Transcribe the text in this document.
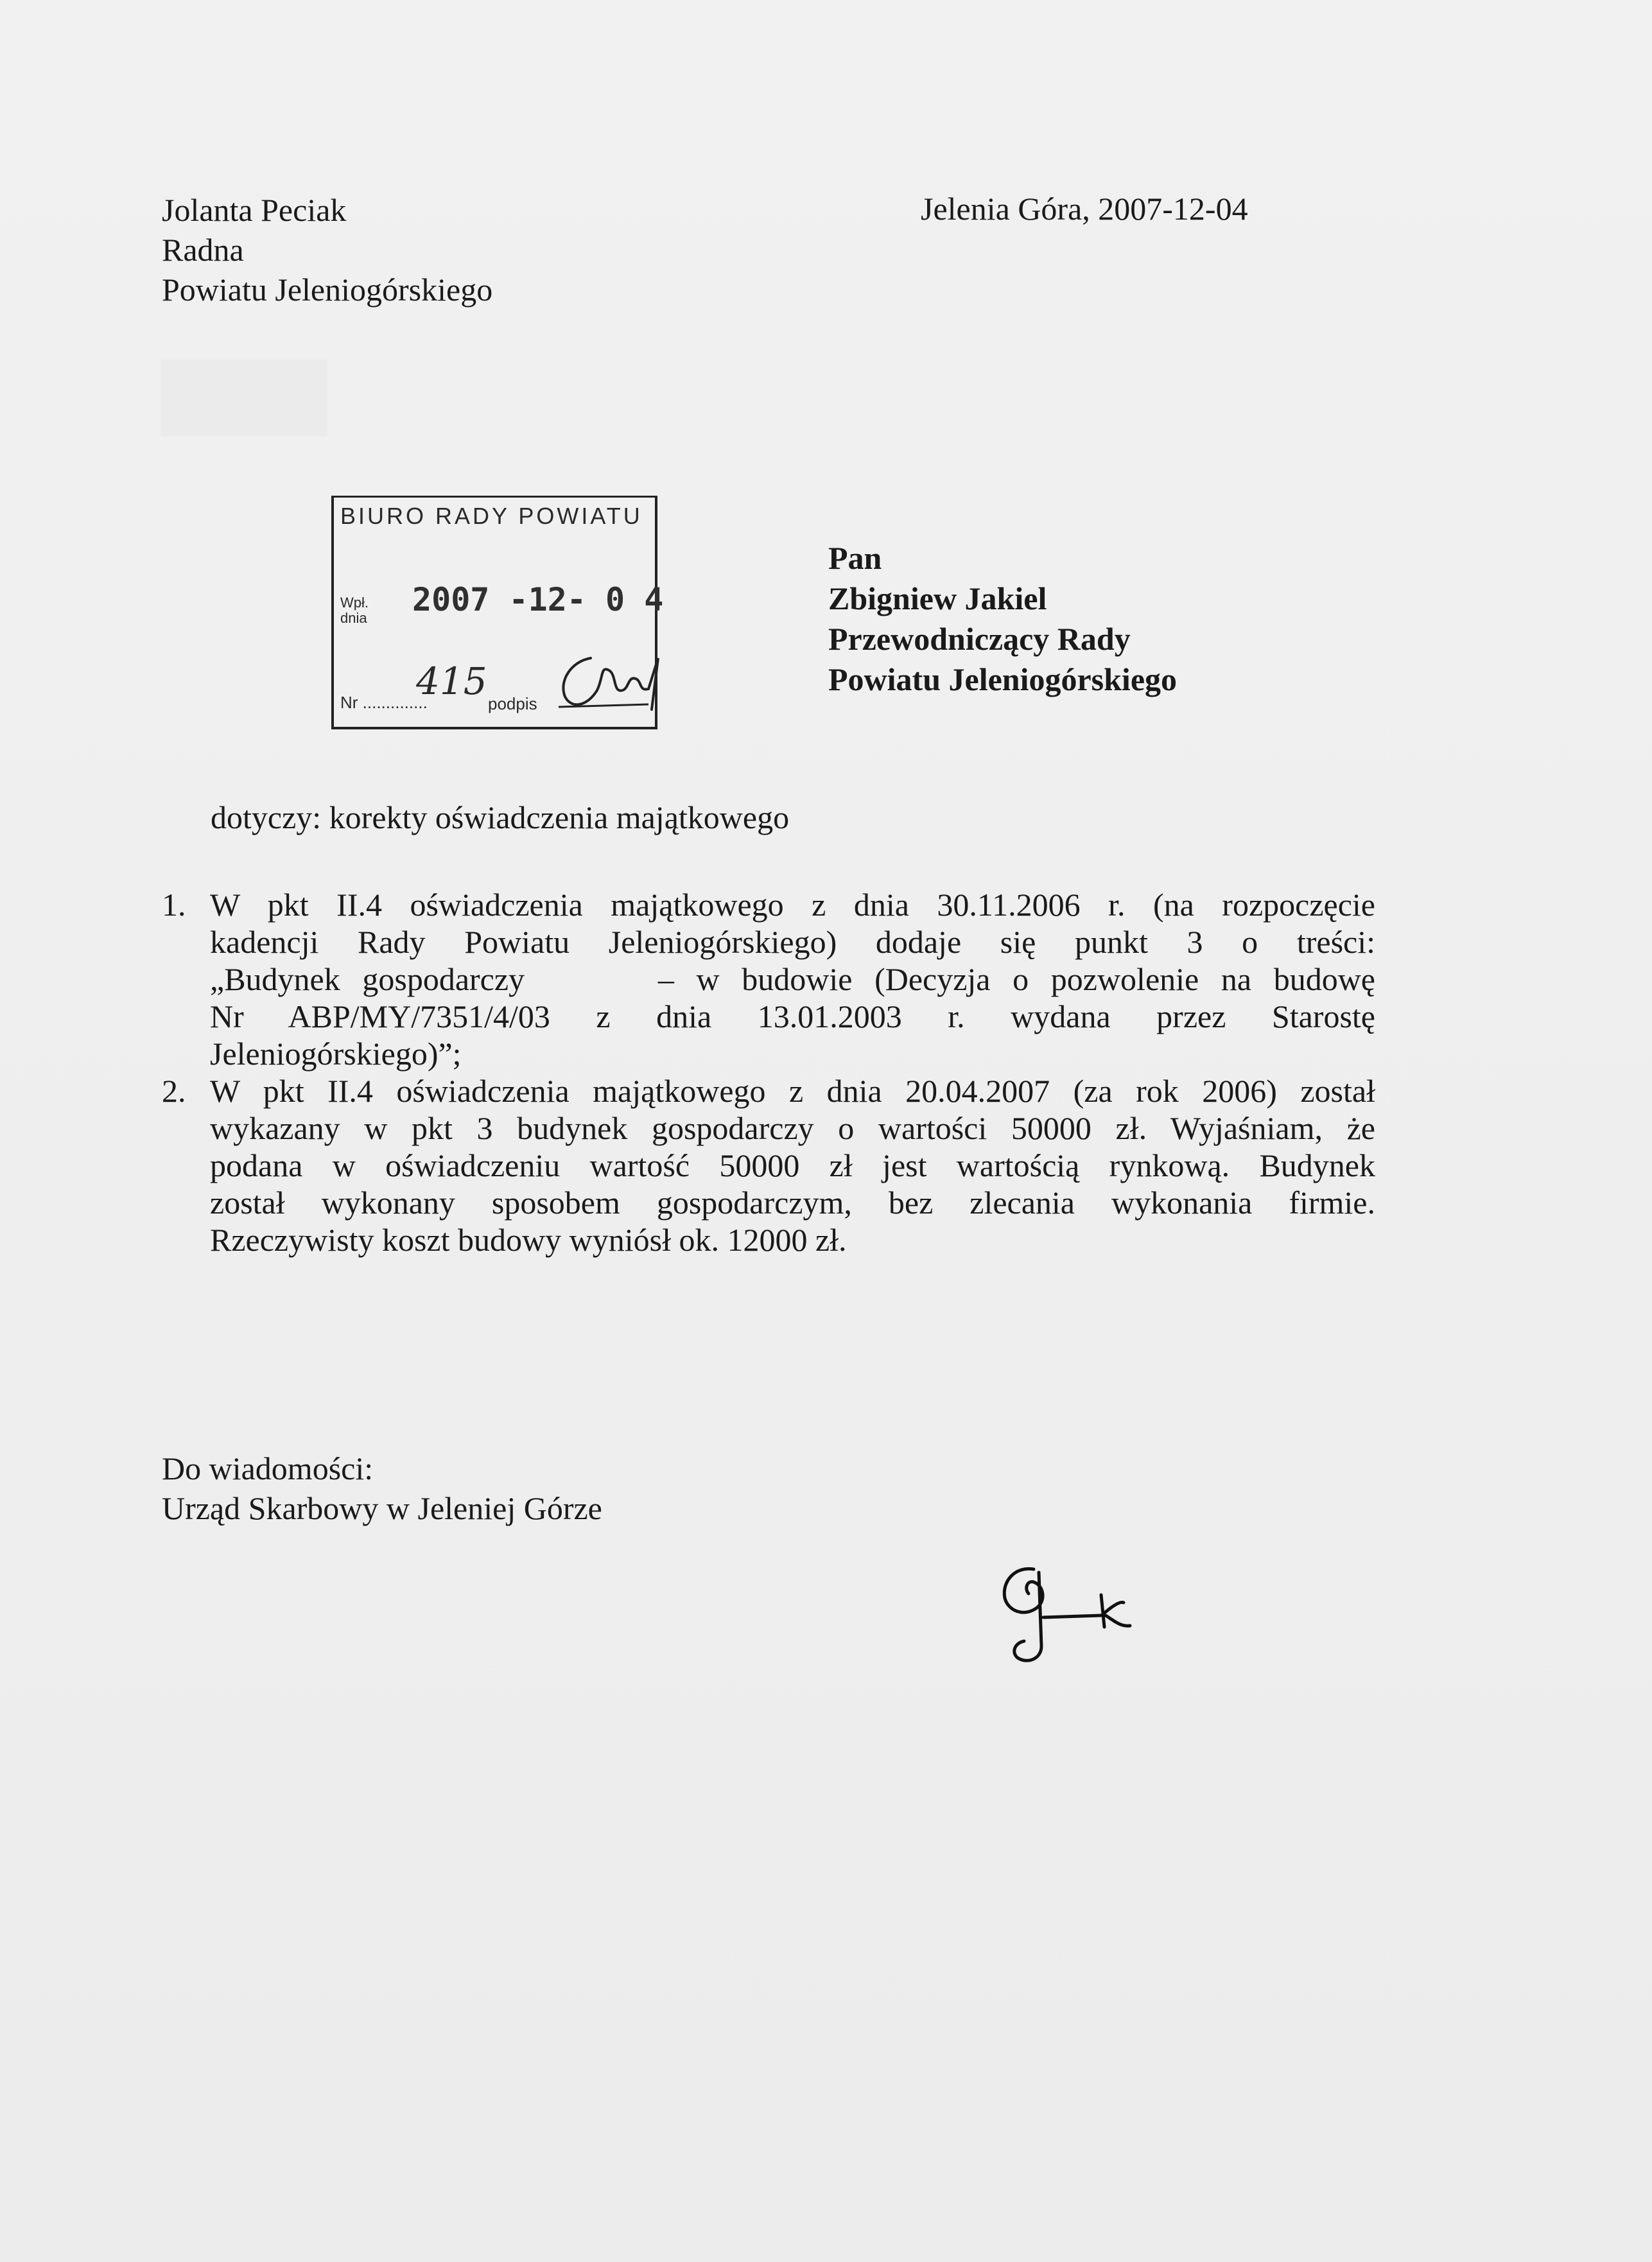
Jolanta Peciak
Radna
Powiatu Jeleniogórskiego
Jelenia Góra, 2007-12-04
BIURO RADY POWIATU
Wpł.
dnia 2007 -12- 0 4
415
Nr ..............	podpis
Pan
Zbigniew Jakiel
Przewodniczący Rady
Powiatu Jeleniogórskiego
dotyczy: korekty oświadczenia majątkowego
1. W pkt II.4 oświadczenia majątkowego z dnia 30.11.2006 r. (na rozpoczęcie
kadencji Rady Powiatu Jeleniogórskiego) dodaje się punkt 3 o treści:
„Budynek gospodarczy      – w budowie (Decyzja o pozwolenie na budowę
Nr ABP/MY/7351/4/03 z dnia 13.01.2003 r. wydana przez Starostę
Jeleniogórskiego)”;
2. W pkt II.4 oświadczenia majątkowego z dnia 20.04.2007 (za rok 2006) został
wykazany w pkt 3 budynek gospodarczy o wartości 50000 zł. Wyjaśniam, że
podana w oświadczeniu wartość 50000 zł jest wartością rynkową. Budynek
został wykonany sposobem gospodarczym, bez zlecania wykonania firmie.
Rzeczywisty koszt budowy wyniósł ok. 12000 zł.
Do wiadomości:
Urząd Skarbowy w Jeleniej Górze
